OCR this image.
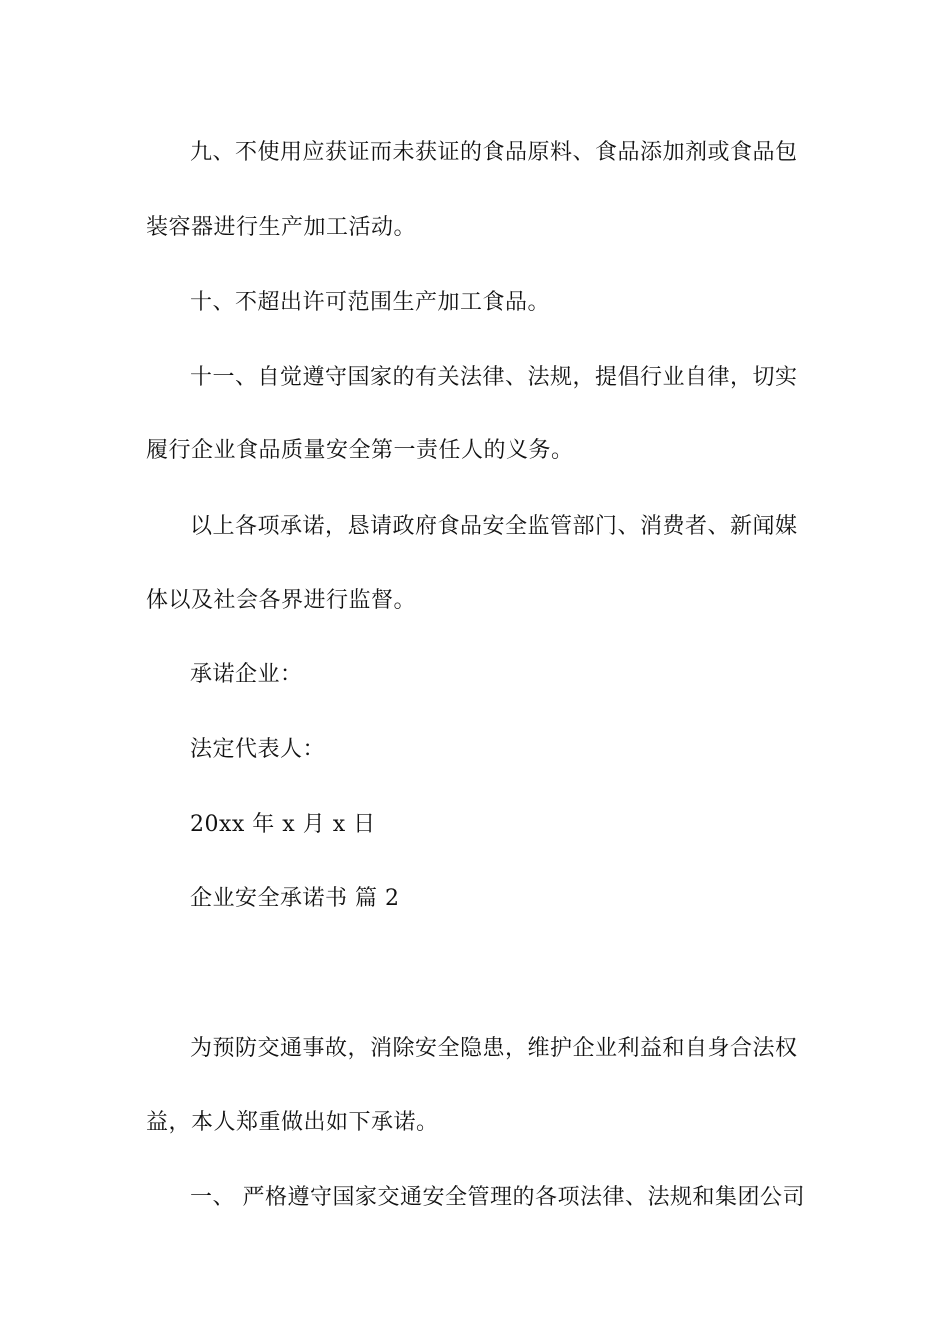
九、不使用应获证而未获证的食品原料、食品添加剂或食品包
装容器进行生产加工活动。
十、不超出许可范围生产加工食品。
十一、自觉遵守国家的有关法律、法规，提倡行业自律，切实
履行企业食品质量安全第一责任人的义务。
以上各项承诺，恳请政府食品安全监管部门、消费者、新闻媒
体以及社会各界进行监督。
承诺企业：
法定代表人：
20xx 年 x 月 x 日
企业安全承诺书 篇 2
为预防交通事故，消除安全隐患，维护企业利益和自身合法权
益，本人郑重做出如下承诺。
一、 严格遵守国家交通安全管理的各项法律、法规和集团公司
